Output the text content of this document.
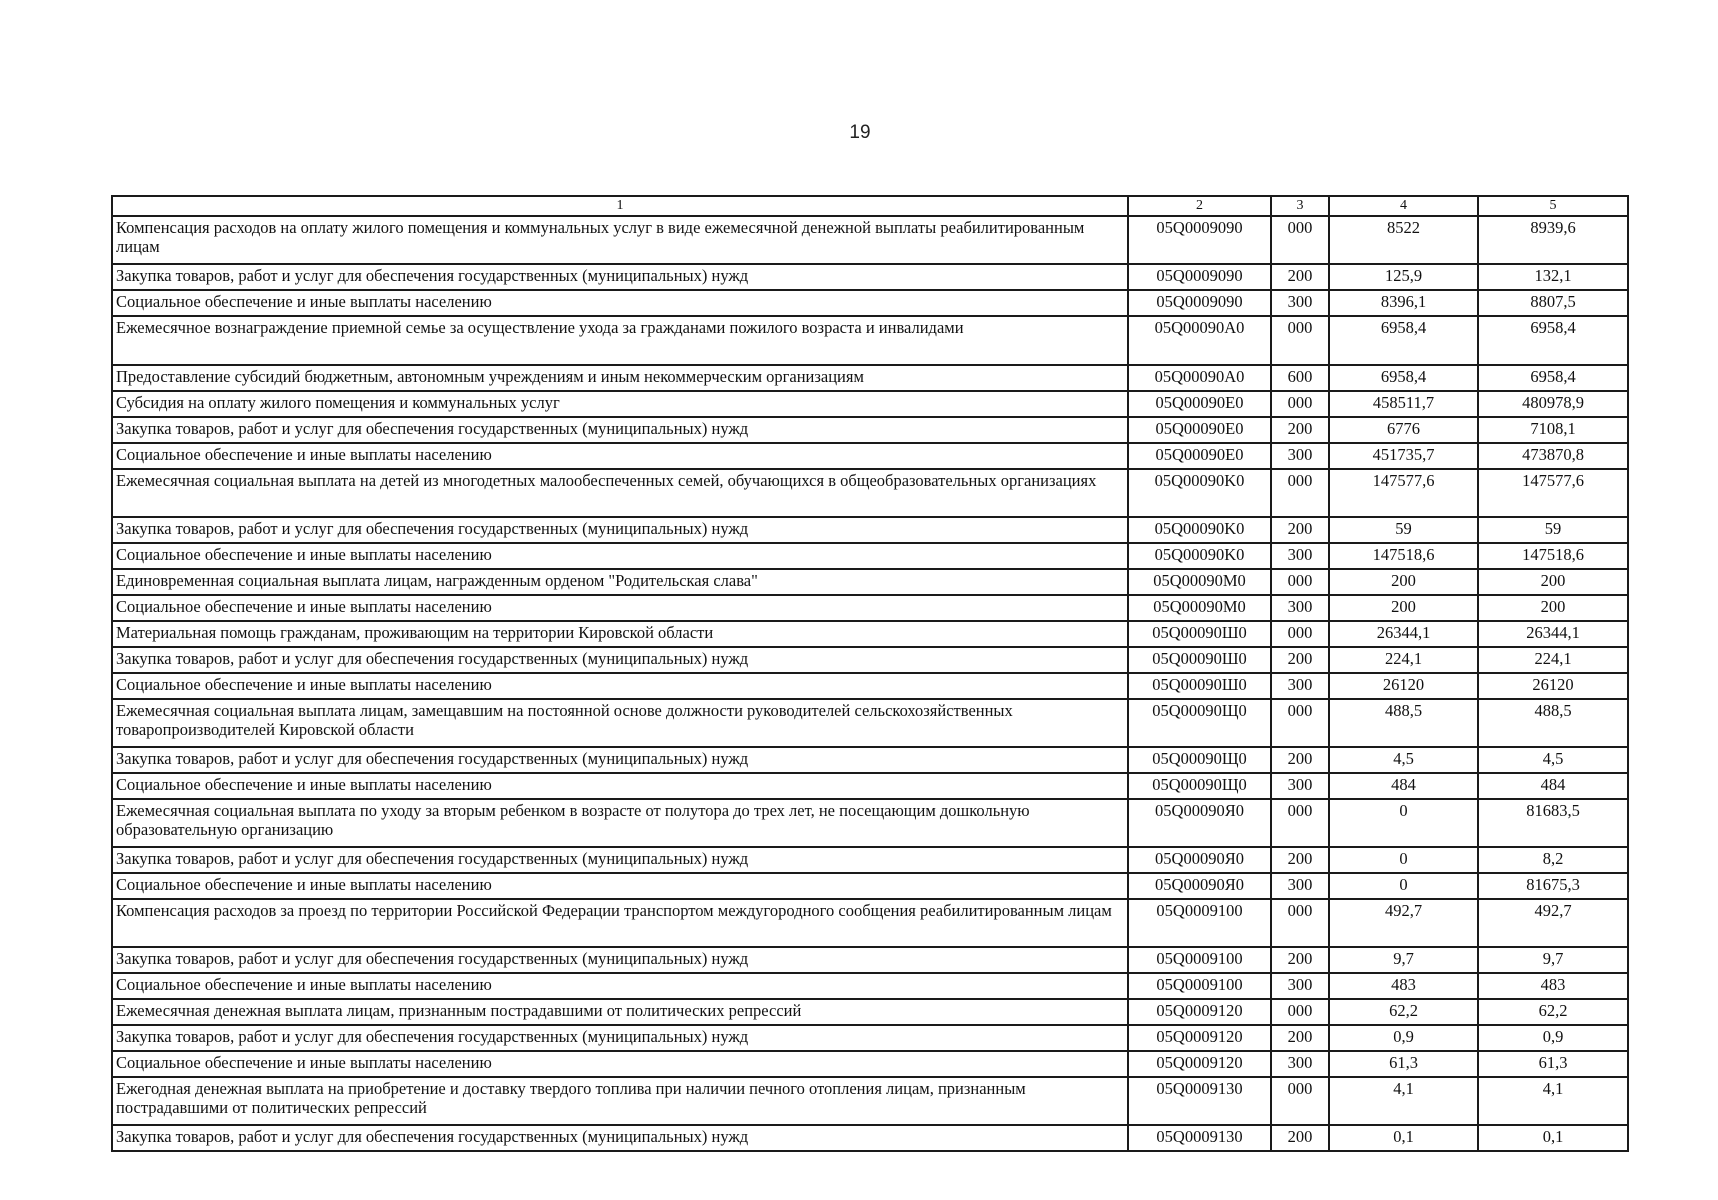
19
1	2	3	4	5
Компенсация расходов на оплату жилого помещения и коммунальных услуг в виде ежемесячной денежной выплаты реабилитированным лицам	05Q0009090	000	8522	8939,6
Закупка товаров, работ и услуг для обеспечения государственных (муниципальных) нужд	05Q0009090	200	125,9	132,1
Социальное обеспечение и иные выплаты населению	05Q0009090	300	8396,1	8807,5
Ежемесячное вознаграждение приемной семье за осуществление ухода за гражданами пожилого возраста и инвалидами	05Q00090A0	000	6958,4	6958,4
Предоставление субсидий бюджетным, автономным учреждениям и иным некоммерческим организациям	05Q00090A0	600	6958,4	6958,4
Субсидия на оплату жилого помещения и коммунальных услуг	05Q00090E0	000	458511,7	480978,9
Закупка товаров, работ и услуг для обеспечения государственных (муниципальных) нужд	05Q00090E0	200	6776	7108,1
Социальное обеспечение и иные выплаты населению	05Q00090E0	300	451735,7	473870,8
Ежемесячная социальная выплата на детей из многодетных малообеспеченных семей, обучающихся в общеобразовательных организациях	05Q00090K0	000	147577,6	147577,6
Закупка товаров, работ и услуг для обеспечения государственных (муниципальных) нужд	05Q00090K0	200	59	59
Социальное обеспечение и иные выплаты населению	05Q00090K0	300	147518,6	147518,6
Единовременная социальная выплата лицам, награжденным орденом "Родительская слава"	05Q00090M0	000	200	200
Социальное обеспечение и иные выплаты населению	05Q00090M0	300	200	200
Материальная помощь гражданам, проживающим на территории Кировской области	05Q00090Ш0	000	26344,1	26344,1
Закупка товаров, работ и услуг для обеспечения государственных (муниципальных) нужд	05Q00090Ш0	200	224,1	224,1
Социальное обеспечение и иные выплаты населению	05Q00090Ш0	300	26120	26120
Ежемесячная социальная выплата лицам, замещавшим на постоянной основе должности руководителей сельскохозяйственных товаропроизводителей Кировской области	05Q00090Щ0	000	488,5	488,5
Закупка товаров, работ и услуг для обеспечения государственных (муниципальных) нужд	05Q00090Щ0	200	4,5	4,5
Социальное обеспечение и иные выплаты населению	05Q00090Щ0	300	484	484
Ежемесячная социальная выплата по уходу за вторым ребенком в возрасте от полутора до трех лет, не посещающим дошкольную образовательную организацию	05Q00090Я0	000	0	81683,5
Закупка товаров, работ и услуг для обеспечения государственных (муниципальных) нужд	05Q00090Я0	200	0	8,2
Социальное обеспечение и иные выплаты населению	05Q00090Я0	300	0	81675,3
Компенсация расходов за проезд по территории Российской Федерации транспортом междугородного сообщения реабилитированным лицам	05Q0009100	000	492,7	492,7
Закупка товаров, работ и услуг для обеспечения государственных (муниципальных) нужд	05Q0009100	200	9,7	9,7
Социальное обеспечение и иные выплаты населению	05Q0009100	300	483	483
Ежемесячная денежная выплата лицам, признанным пострадавшими от политических репрессий	05Q0009120	000	62,2	62,2
Закупка товаров, работ и услуг для обеспечения государственных (муниципальных) нужд	05Q0009120	200	0,9	0,9
Социальное обеспечение и иные выплаты населению	05Q0009120	300	61,3	61,3
Ежегодная денежная выплата на приобретение и доставку твердого топлива при наличии печного отопления лицам, признанным пострадавшими от политических репрессий	05Q0009130	000	4,1	4,1
Закупка товаров, работ и услуг для обеспечения государственных (муниципальных) нужд	05Q0009130	200	0,1	0,1
